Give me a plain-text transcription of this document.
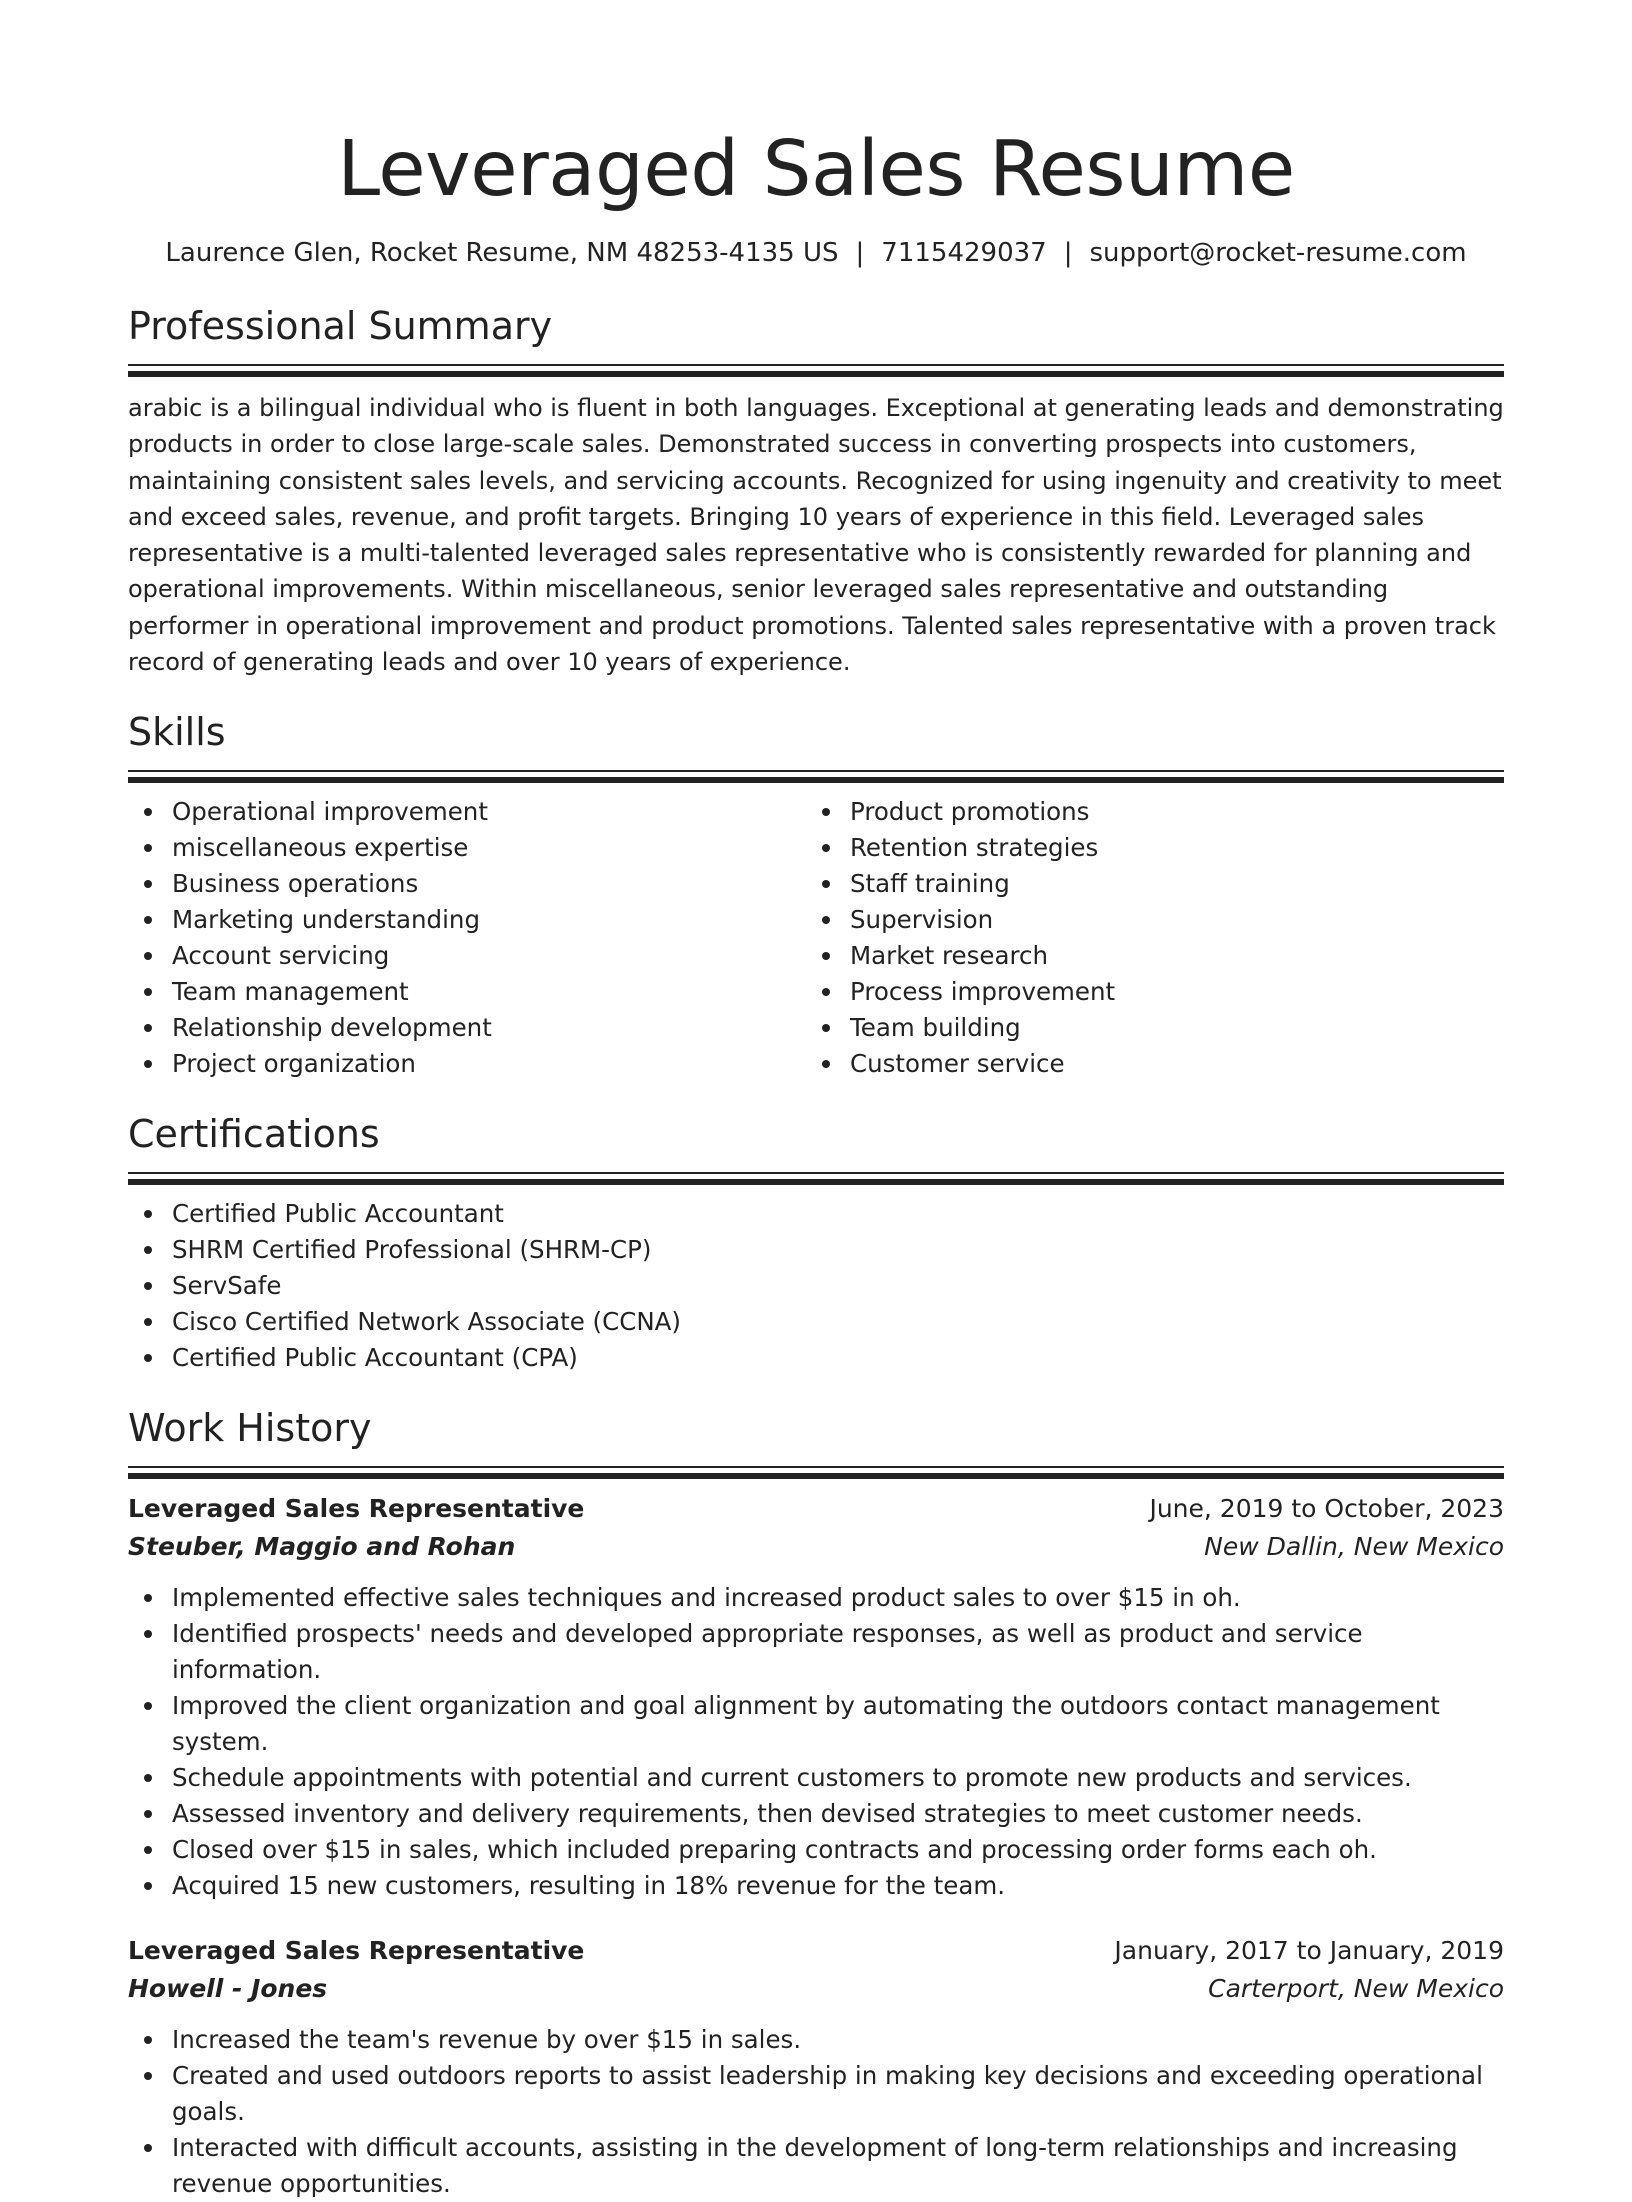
Leveraged Sales Resume
Laurence Glen, Rocket Resume, NM 48253-4135 US | 7115429037 | support@rocket-resume.com
Professional Summary

arabic is a bilingual individual who is fluent in both languages. Exceptional at generating leads and demonstrating products in order to close large-scale sales. Demonstrated success in converting prospects into customers, maintaining consistent sales levels, and servicing accounts. Recognized for using ingenuity and creativity to meet and exceed sales, revenue, and profit targets. Bringing 10 years of experience in this field. Leveraged sales representative is a multi-talented leveraged sales representative who is consistently rewarded for planning and operational improvements. Within miscellaneous, senior leveraged sales representative and outstanding performer in operational improvement and product promotions. Talented sales representative with a proven track record of generating leads and over 10 years of experience.

Skills
Operational improvement
miscellaneous expertise
Business operations
Marketing understanding
Account servicing
Team management
Relationship development
Project organization
Product promotions
Retention strategies
Staff training
Supervision
Market research
Process improvement
Team building
Customer service
Certifications
Certified Public Accountant
SHRM Certified Professional (SHRM-CP)
ServSafe
Cisco Certified Network Associate (CCNA)
Certified Public Accountant (CPA)
Work History
Leveraged Sales Representative	June, 2019 to October, 2023
Steuber, Maggio and Rohan	New Dallin, New Mexico
Implemented effective sales techniques and increased product sales to over $15 in oh.
Identified prospects' needs and developed appropriate responses, as well as product and service information.
Improved the client organization and goal alignment by automating the outdoors contact management system.
Schedule appointments with potential and current customers to promote new products and services.
Assessed inventory and delivery requirements, then devised strategies to meet customer needs.
Closed over $15 in sales, which included preparing contracts and processing order forms each oh.
Acquired 15 new customers, resulting in 18% revenue for the team.
Leveraged Sales Representative	January, 2017 to January, 2019
Howell - Jones	Carterport, New Mexico
Increased the team's revenue by over $15 in sales.
Created and used outdoors reports to assist leadership in making key decisions and exceeding operational goals.
Interacted with difficult accounts, assisting in the development of long-term relationships and increasing revenue opportunities.
